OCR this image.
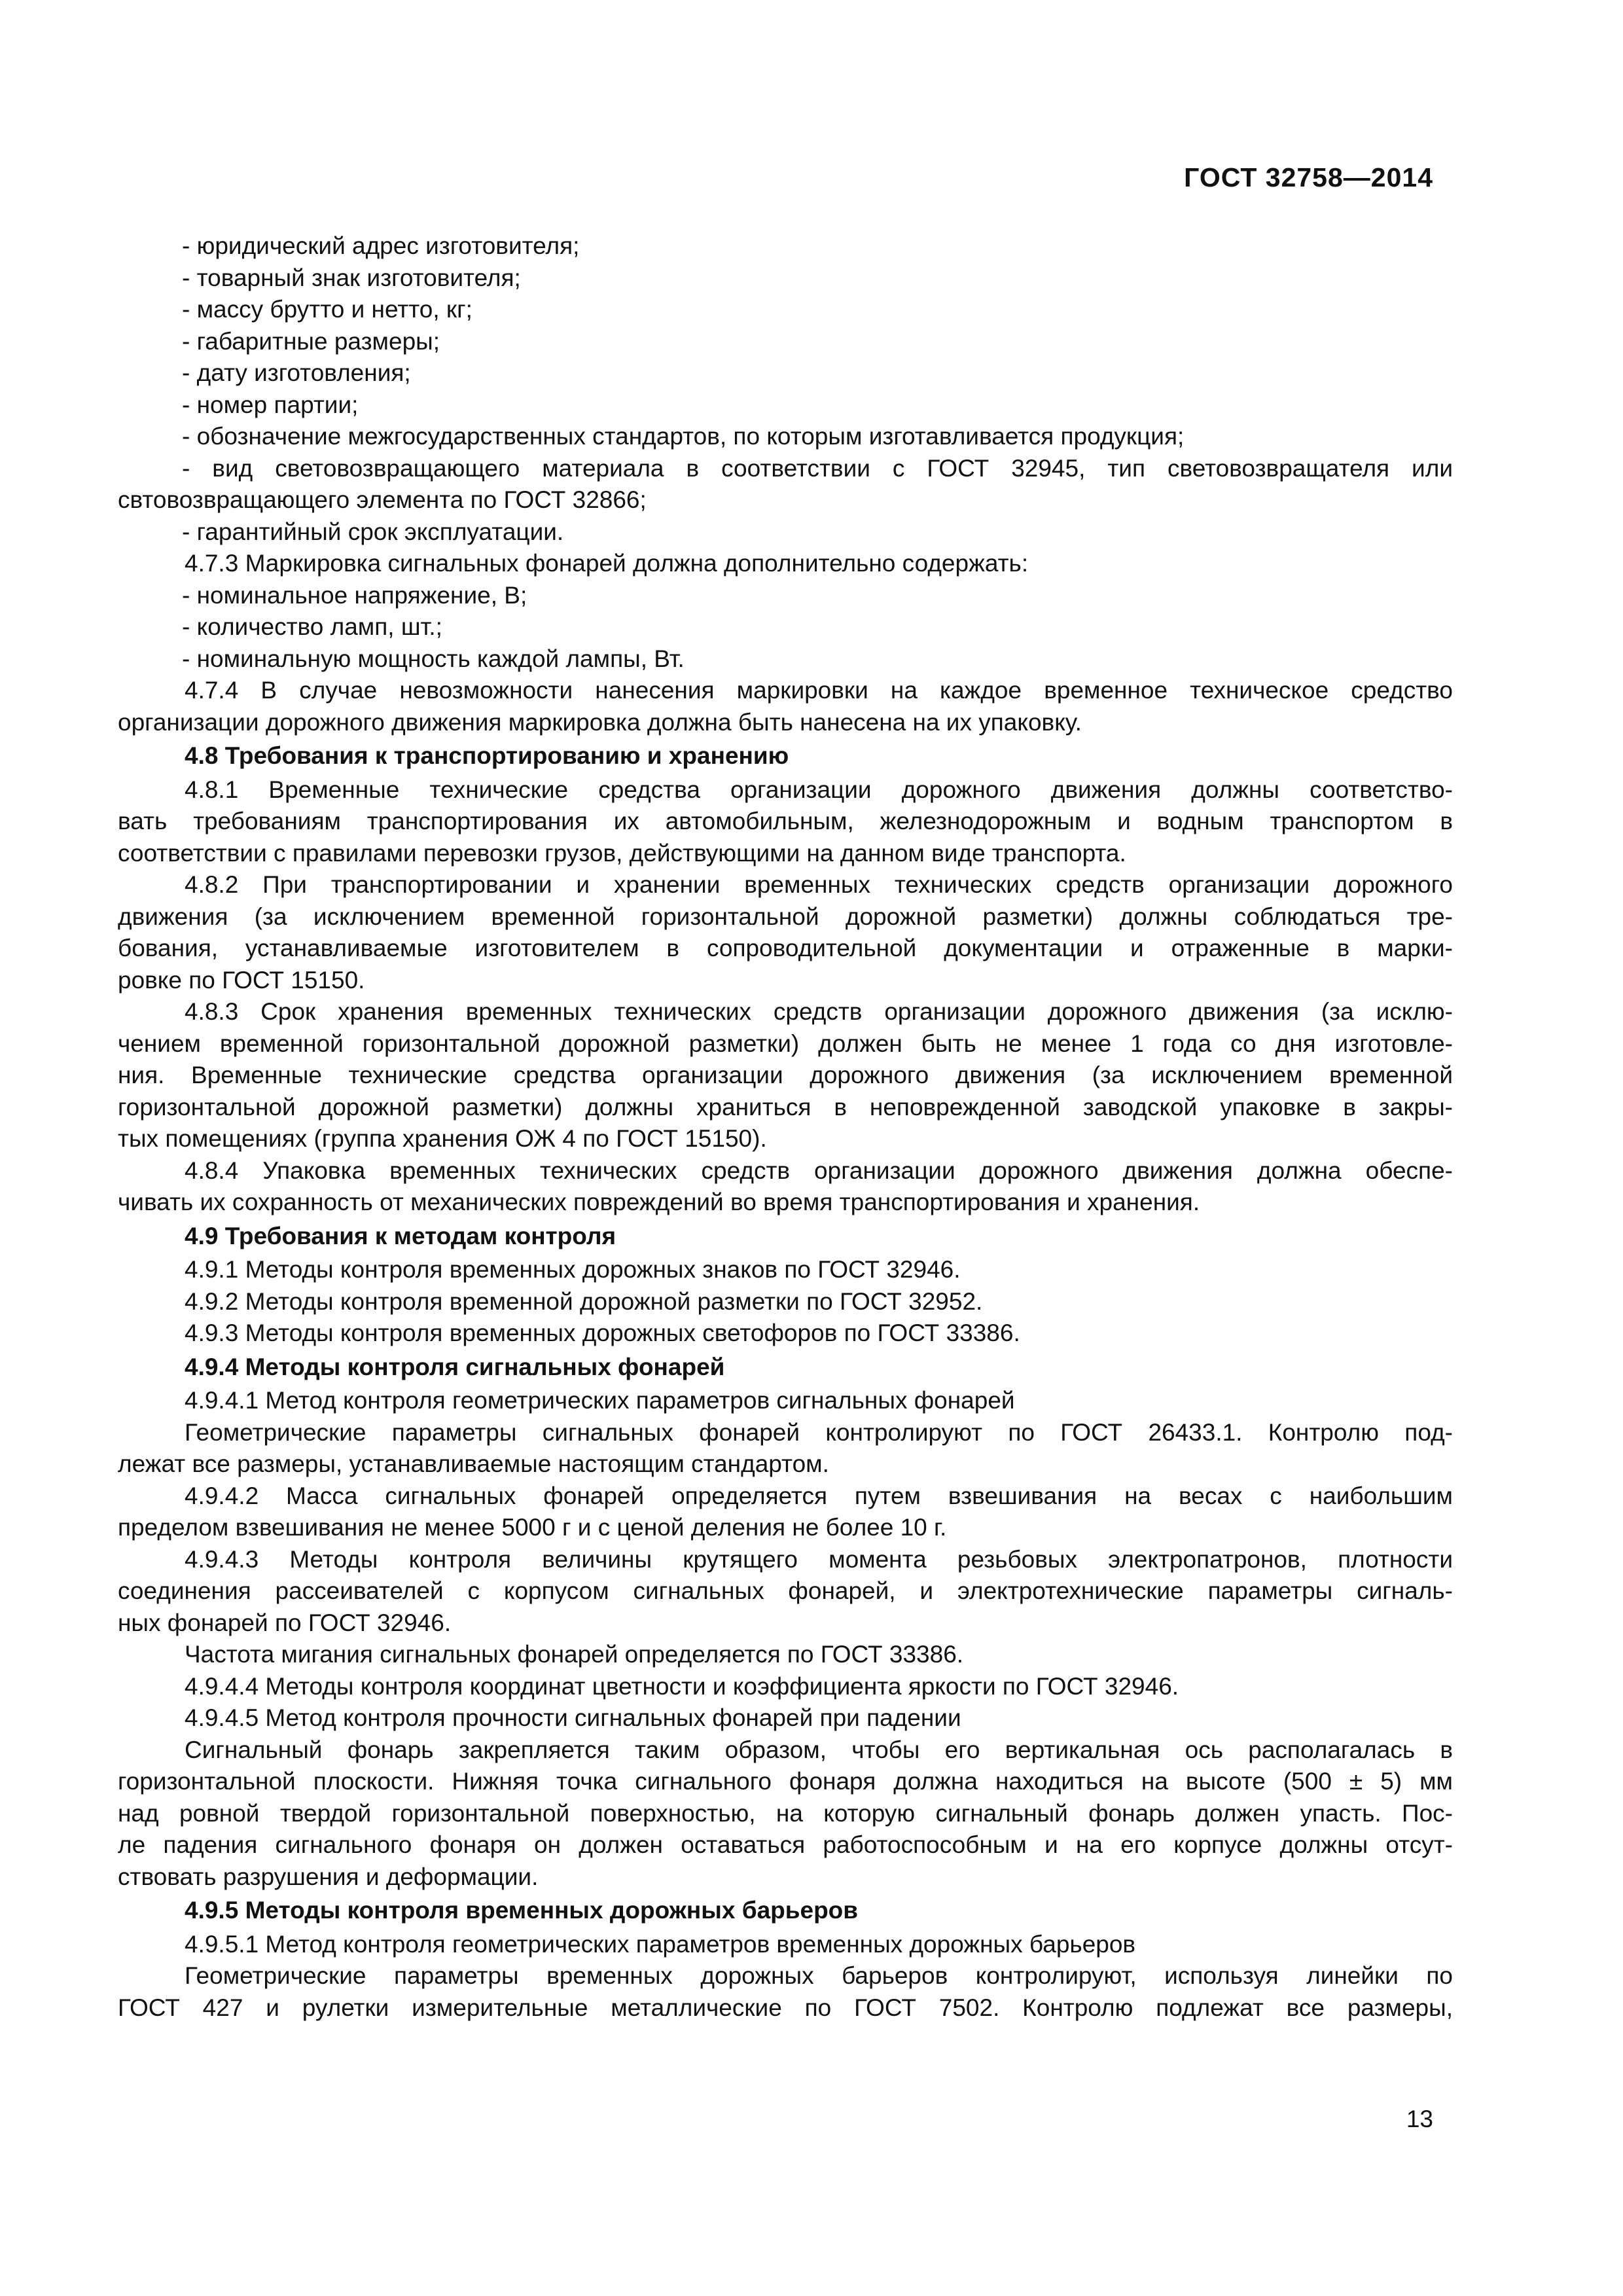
ГОСТ 32758—2014
- юридический адрес изготовителя;
- товарный знак изготовителя;
- массу брутто и нетто, кг;
- габаритные размеры;
- дату изготовления;
- номер партии;
- обозначение межгосударственных стандартов, по которым изготавливается продукция;
- вид световозвращающего материала в соответствии с ГОСТ 32945, тип световозвращателя или
свтовозвращающего элемента по ГОСТ 32866;
- гарантийный срок эксплуатации.
4.7.3 Маркировка сигнальных фонарей должна дополнительно содержать:
- номинальное напряжение, В;
- количество ламп, шт.;
- номинальную мощность каждой лампы, Вт.
4.7.4 В случае невозможности нанесения маркировки на каждое временное техническое средство
организации дорожного движения маркировка должна быть нанесена на их упаковку.
4.8 Требования к транспортированию и хранению
4.8.1 Временные технические средства организации дорожного движения должны соответство-
вать требованиям транспортирования их автомобильным, железнодорожным и водным транспортом в
соответствии с правилами перевозки грузов, действующими на данном виде транспорта.
4.8.2 При транспортировании и хранении временных технических средств организации дорожного
движения (за исключением временной горизонтальной дорожной разметки) должны соблюдаться тре-
бования, устанавливаемые изготовителем в сопроводительной документации и отраженные в марки-
ровке по ГОСТ 15150.
4.8.3 Срок хранения временных технических средств организации дорожного движения (за исклю-
чением временной горизонтальной дорожной разметки) должен быть не менее 1 года со дня изготовле-
ния. Временные технические средства организации дорожного движения (за исключением временной
горизонтальной дорожной разметки) должны храниться в неповрежденной заводской упаковке в закры-
тых помещениях (группа хранения ОЖ 4 по ГОСТ 15150).
4.8.4 Упаковка временных технических средств организации дорожного движения должна обеспе-
чивать их сохранность от механических повреждений во время транспортирования и хранения.
4.9 Требования к методам контроля
4.9.1 Методы контроля временных дорожных знаков по ГОСТ 32946.
4.9.2 Методы контроля временной дорожной разметки по ГОСТ 32952.
4.9.3 Методы контроля временных дорожных светофоров по ГОСТ 33386.
4.9.4 Методы контроля сигнальных фонарей
4.9.4.1 Метод контроля геометрических параметров сигнальных фонарей
Геометрические параметры сигнальных фонарей контролируют по ГОСТ 26433.1. Контролю под-
лежат все размеры, устанавливаемые настоящим стандартом.
4.9.4.2 Масса сигнальных фонарей определяется путем взвешивания на весах с наибольшим
пределом взвешивания не менее 5000 г и с ценой деления не более 10 г.
4.9.4.3 Методы контроля величины крутящего момента резьбовых электропатронов, плотности
соединения рассеивателей с корпусом сигнальных фонарей, и электротехнические параметры сигналь-
ных фонарей по ГОСТ 32946.
Частота мигания сигнальных фонарей определяется по ГОСТ 33386.
4.9.4.4 Методы контроля координат цветности и коэффициента яркости по ГОСТ 32946.
4.9.4.5 Метод контроля прочности сигнальных фонарей при падении
Сигнальный фонарь закрепляется таким образом, чтобы его вертикальная ось располагалась в
горизонтальной плоскости. Нижняя точка сигнального фонаря должна находиться на высоте (500 ± 5) мм
над ровной твердой горизонтальной поверхностью, на которую сигнальный фонарь должен упасть. Пос-
ле падения сигнального фонаря он должен оставаться работоспособным и на его корпусе должны отсут-
ствовать разрушения и деформации.
4.9.5 Методы контроля временных дорожных барьеров
4.9.5.1 Метод контроля геометрических параметров временных дорожных барьеров
Геометрические параметры временных дорожных барьеров контролируют, используя линейки по
ГОСТ 427 и рулетки измерительные металлические по ГОСТ 7502. Контролю подлежат все размеры,
13
